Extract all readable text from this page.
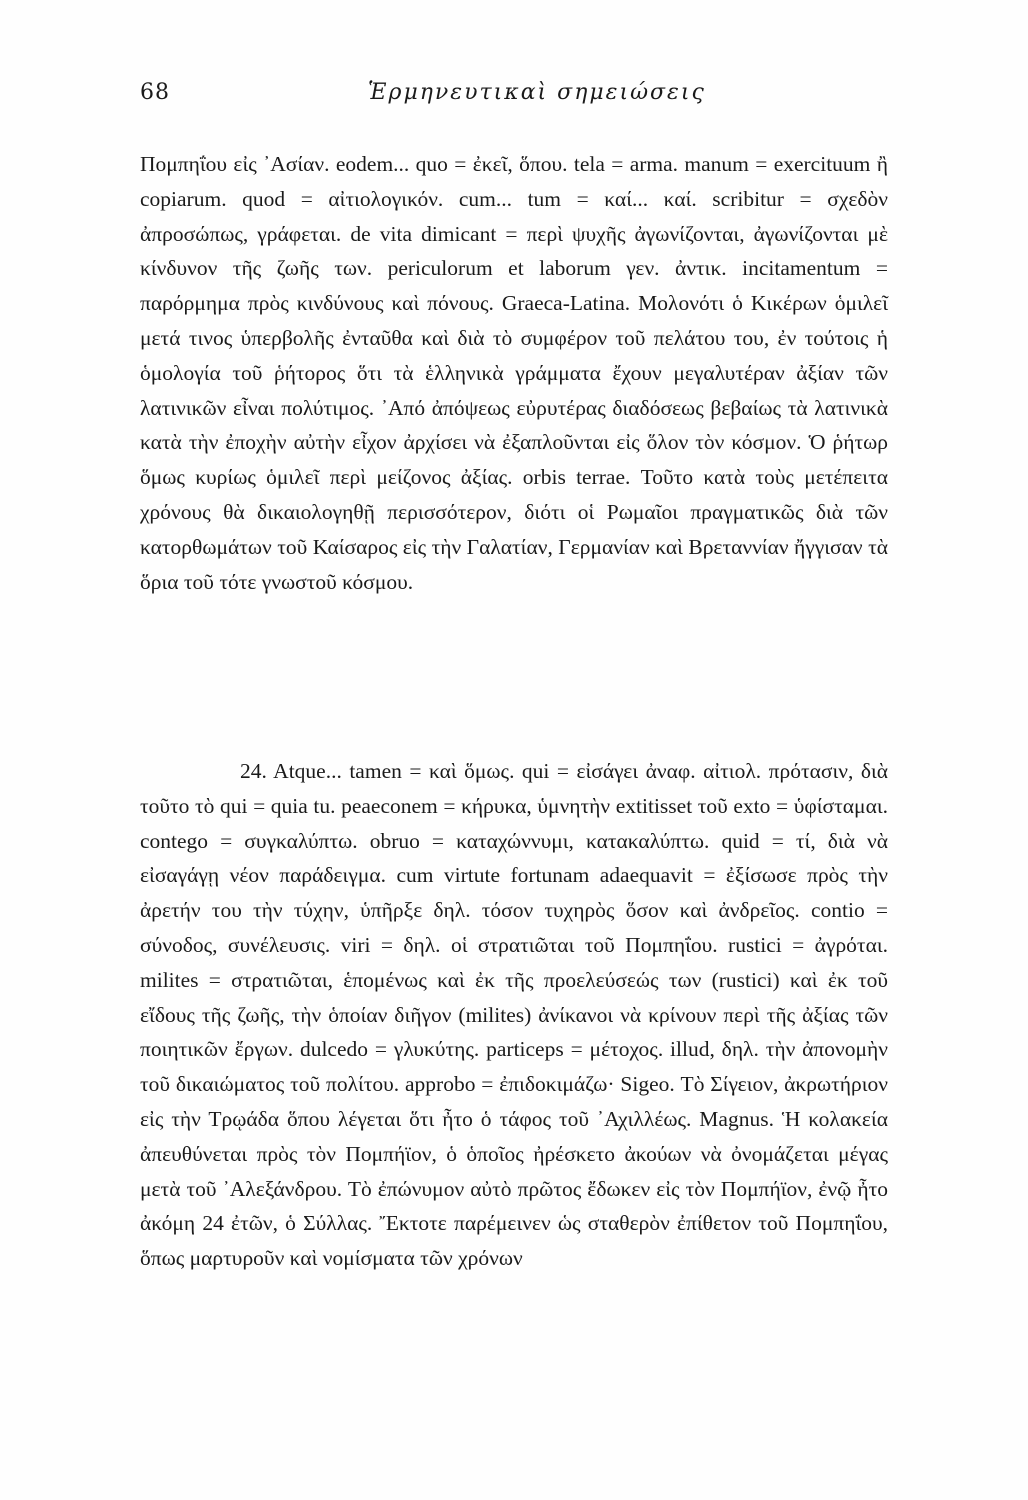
68	Ἑρμηνευτικαὶ σημειώσεις

Πομπηΐου εἰς ᾿Ασίαν. eodem... quo = ἐκεῖ, ὅπου. tela = arma. manum = exercituum ἢ copiarum. quod = αἰτιολογικόν. cum... tum = καί... καί. scribitur = σχεδὸν ἀπροσώπως, γράφεται. de vita dimicant = περὶ ψυχῆς ἀγωνίζονται, ἀγωνίζονται μὲ κίνδυνον τῆς ζωῆς των. periculorum et laborum γεν. ἀντικ. incitamentum = παρόρμημα πρὸς κινδύνους καὶ πόνους. Graeca-Latina. Μολονότι ὁ Κικέρων ὁμιλεῖ μετά τινος ὑπερβολῆς ἐνταῦθα καὶ διὰ τὸ συμφέρον τοῦ πελάτου του, ἐν τούτοις ἡ ὁμολογία τοῦ ῥήτορος ὅτι τὰ ἑλληνικὰ γράμματα ἔχουν μεγαλυτέραν ἀξίαν τῶν λατινικῶν εἶναι πολύτιμος. ᾿Από ἀπόψεως εὐρυτέρας διαδόσεως βεβαίως τὰ λατινικὰ κατὰ τὴν ἐποχὴν αὐτὴν εἶχον ἀρχίσει νὰ ἐξαπλοῦνται εἰς ὅλον τὸν κόσμον. Ὁ ῥήτωρ ὅμως κυρίως ὁμιλεῖ περὶ μείζονος ἀξίας. orbis terrae. Τοῦτο κατὰ τοὺς μετέπειτα χρόνους θὰ δικαιολογηθῇ περισσότερον, διότι οἱ Ρωμαῖοι πραγματικῶς διὰ τῶν κατορθωμάτων τοῦ Καίσαρος εἰς τὴν Γαλατίαν, Γερμανίαν καὶ Βρεταννίαν ἤγγισαν τὰ ὅρια τοῦ τότε γνωστοῦ κόσμου.

24. Atque... tamen = καὶ ὅμως. qui = εἰσάγει ἀναφ. αἰτιολ. πρότασιν, διὰ τοῦτο τὸ qui = quia tu. peaeconem = κήρυκα, ὑμνητὴν extitisset τοῦ exto = ὑφίσταμαι. contego = συγκαλύπτω. obruo = καταχώννυμι, κατακαλύπτω. quid = τί, διὰ νὰ εἰσαγάγῃ νέον παράδειγμα. cum virtute fortunam adaequavit = ἐξίσωσε πρὸς τὴν ἀρετήν του τὴν τύχην, ὑπῆρξε δηλ. τόσον τυχηρὸς ὅσον καὶ ἀνδρεῖος. contio = σύνοδος, συνέλευσις. viri = δηλ. οἱ στρατιῶται τοῦ Πομπηΐου. rustici = ἀγρόται. milites = στρατιῶται, ἑπομένως καὶ ἐκ τῆς προελεύσεώς των (rustici) καὶ ἐκ τοῦ εἴδους τῆς ζωῆς, τὴν ὁποίαν διῆγον (milites) ἀνίκανοι νὰ κρίνουν περὶ τῆς ἀξίας τῶν ποιητικῶν ἔργων. dulcedo = γλυκύτης. particeps = μέτοχος. illud, δηλ. τὴν ἀπονομὴν τοῦ δικαιώματος τοῦ πολίτου. approbo = ἐπιδοκιμάζω· Sigeo. Τὸ Σίγειον, ἀκρωτήριον εἰς τὴν Τρῳάδα ὅπου λέγεται ὅτι ἦτο ὁ τάφος τοῦ ᾿Αχιλλέως. Magnus. Ἡ κολακεία ἀπευθύνεται πρὸς τὸν Πομπήϊον, ὁ ὁποῖος ἠρέσκετο ἀκούων νὰ ὀνομάζεται μέγας μετὰ τοῦ ᾿Αλεξάνδρου. Τὸ ἐπώνυμον αὐτὸ πρῶτος ἔδωκεν εἰς τὸν Πομπήϊον, ἐνῷ ἦτο ἀκόμη 24 ἐτῶν, ὁ Σύλλας. Ἔκτοτε παρέμεινεν ὡς σταθερὸν ἐπίθετον τοῦ Πομπηΐου, ὅπως μαρτυροῦν καὶ νομίσματα τῶν χρόνων
